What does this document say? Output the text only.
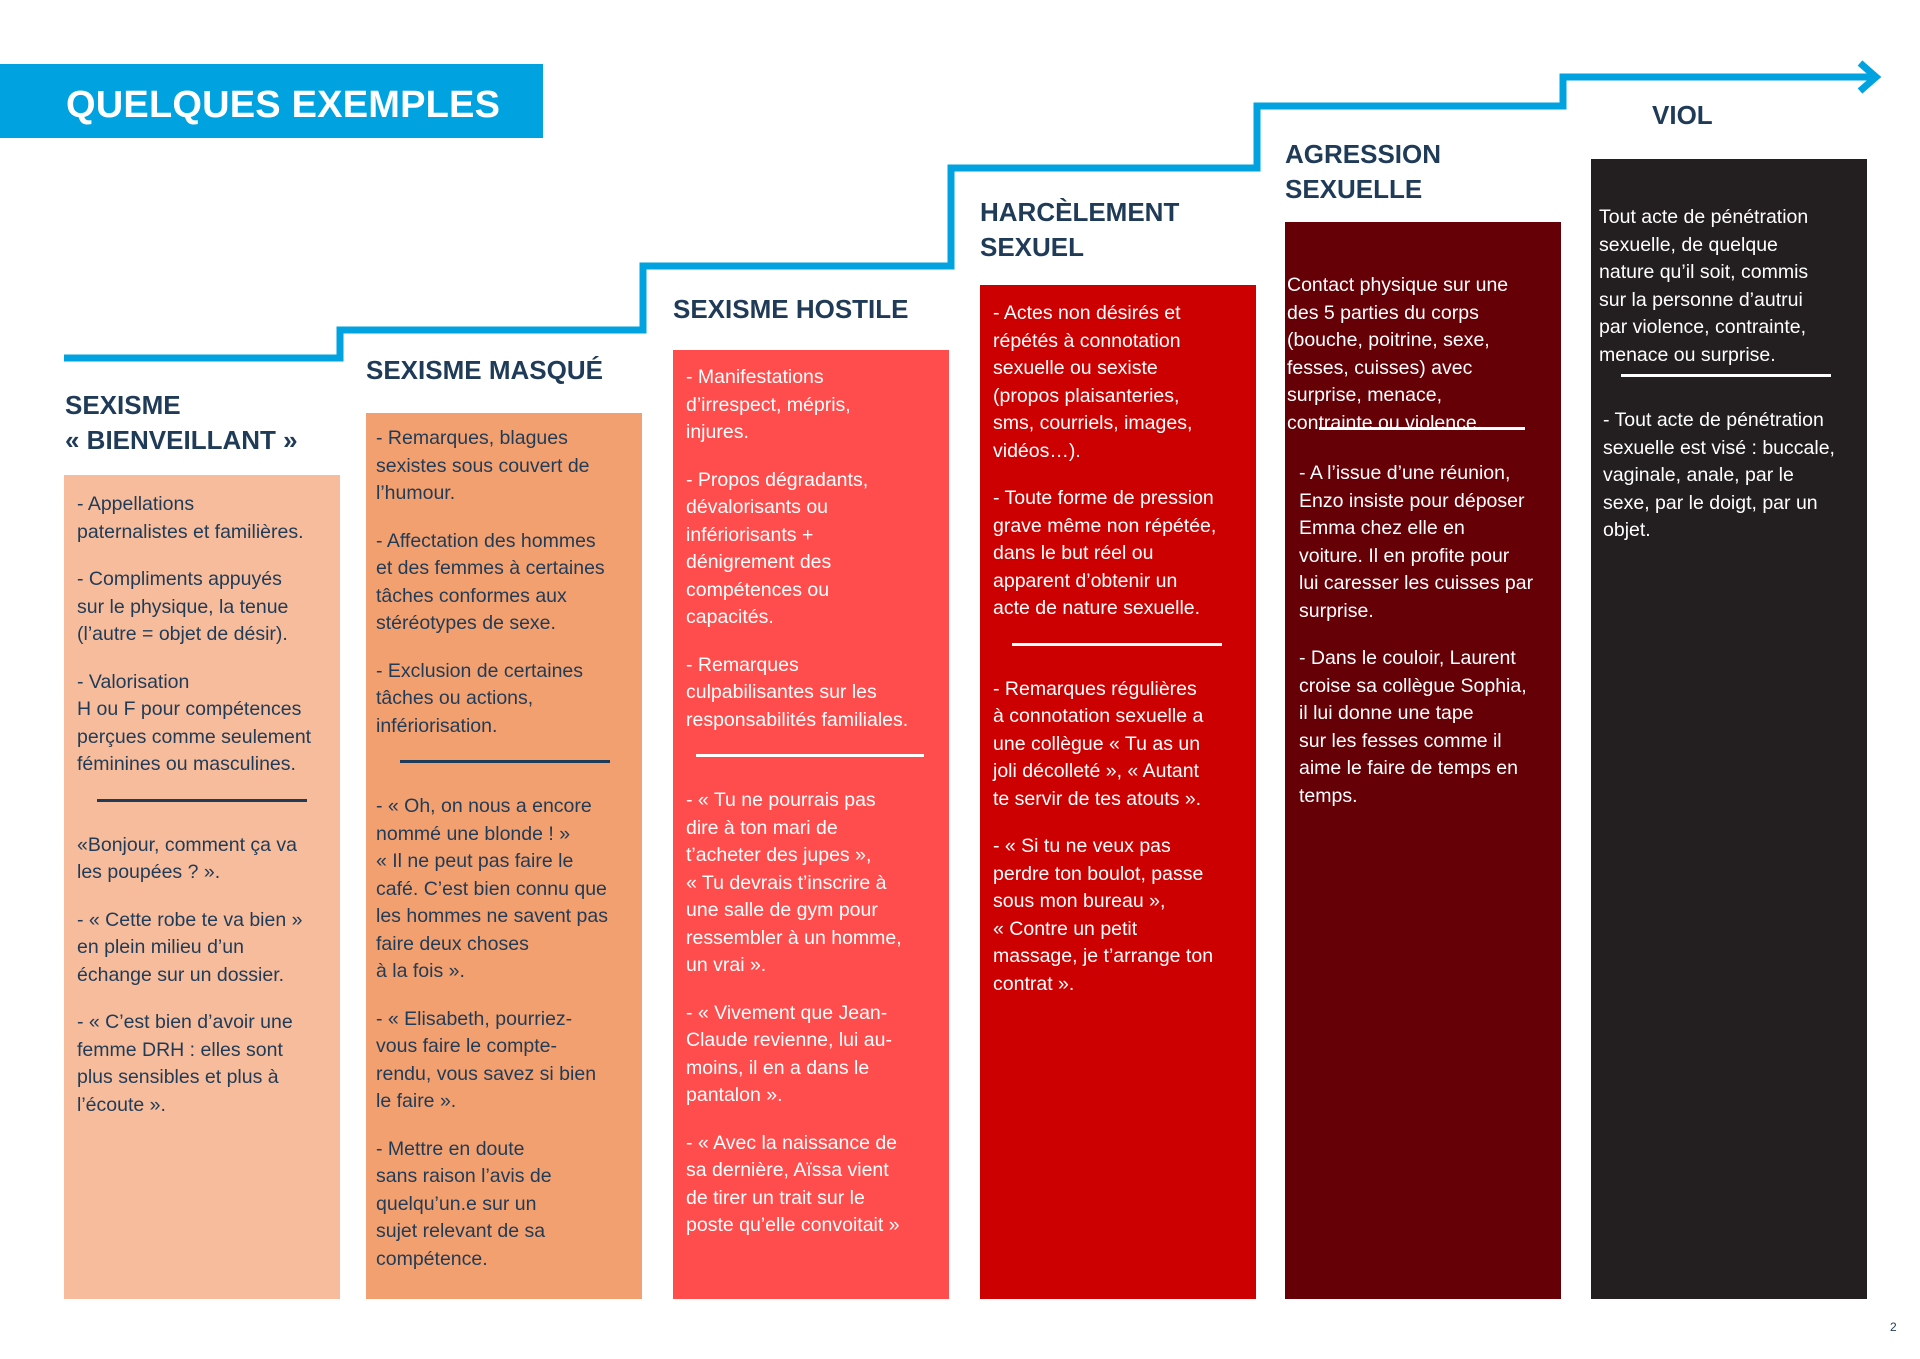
QUELQUES EXEMPLES
SEXISME
« BIENVEILLANT »

- Appellations
paternalistes et familières.

- Compliments appuyés
sur le physique, la tenue
(l’autre = objet de désir).

- Valorisation
H ou F pour compétences
perçues comme seulement
féminines ou masculines.

«Bonjour, comment ça va
les poupées ? ».

- « Cette robe te va bien »
en plein milieu d’un
échange sur un dossier.

- « C’est bien d’avoir une
femme DRH : elles sont
plus sensibles et plus à
l’écoute ».

SEXISME MASQUÉ

- Remarques, blagues
sexistes sous couvert de
l’humour.

- Affectation des hommes
et des femmes à certaines
tâches conformes aux
stéréotypes de sexe.

- Exclusion de certaines
tâches ou actions,
infériorisation.

- « Oh, on nous a encore
nommé une blonde ! »
« Il ne peut pas faire le
café. C’est bien connu que
les hommes ne savent pas
faire deux choses
à la fois ».

- « Elisabeth, pourriez-
vous faire le compte-
rendu, vous savez si bien
le faire ».

- Mettre en doute
sans raison l’avis de
quelqu’un.e sur un
sujet relevant de sa
compétence.

SEXISME HOSTILE

- Manifestations
d’irrespect, mépris,
injures.

- Propos dégradants,
dévalorisants ou
infériorisants +
dénigrement des
compétences ou
capacités.

- Remarques
culpabilisantes sur les
responsabilités familiales.

- « Tu ne pourrais pas
dire à ton mari de
t’acheter des jupes »,
« Tu devrais t’inscrire à
une salle de gym pour
ressembler à un homme,
un vrai ».

- « Vivement que Jean-
Claude revienne, lui au-
moins, il en a dans le
pantalon ».

- « Avec la naissance de
sa dernière, Aïssa vient
de tirer un trait sur le
poste qu’elle convoitait »

HARCÈLEMENT
SEXUEL

- Actes non désirés et
répétés à connotation
sexuelle ou sexiste
(propos plaisanteries,
sms, courriels, images,
vidéos…).

- Toute forme de pression
grave même non répétée,
dans le but réel ou
apparent d’obtenir un
acte de nature sexuelle.

- Remarques régulières
à connotation sexuelle a
une collègue « Tu as un
joli décolleté », « Autant
te servir de tes atouts ».

- « Si tu ne veux pas
perdre ton boulot, passe
sous mon bureau »,
« Contre un petit
massage, je t’arrange ton
contrat ».

AGRESSION
SEXUELLE

Contact physique sur une
des 5 parties du corps
(bouche, poitrine, sexe,
fesses, cuisses) avec
surprise, menace,
contrainte ou violence.

- A l’issue d’une réunion,
Enzo insiste pour déposer
Emma chez elle en
voiture. Il en profite pour
lui caresser les cuisses par
surprise.

- Dans le couloir, Laurent
croise sa collègue Sophia,
il lui donne une tape
sur les fesses comme il
aime le faire de temps en
temps.

VIOL

Tout acte de pénétration
sexuelle, de quelque
nature qu’il soit, commis
sur la personne d’autrui
par violence, contrainte,
menace ou surprise.

- Tout acte de pénétration
sexuelle est visé : buccale,
vaginale, anale, par le
sexe, par le doigt, par un
objet.

2
